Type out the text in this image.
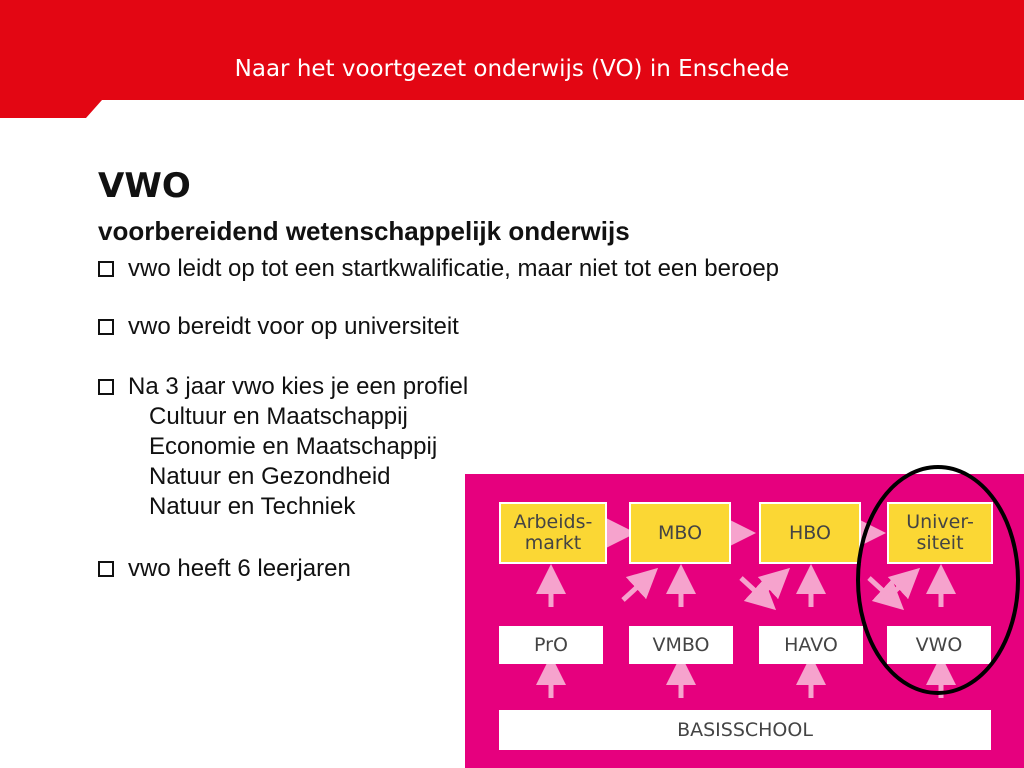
Naar het voortgezet onderwijs (VO) in Enschede
VWO
voorbereidend wetenschappelijk onderwijs
vwo leidt op tot een startkwalificatie, maar niet tot een beroep
vwo bereidt voor op universiteit
Na 3 jaar vwo kies je een profiel
Cultuur en Maatschappij
Economie en Maatschappij
Natuur en Gezondheid
Natuur en Techniek
vwo heeft 6 leerjaren
Arbeids-
markt	MBO	HBO	Univer-
siteit
PrO	VMBO	HAVO	VWO
BASISSCHOOL
